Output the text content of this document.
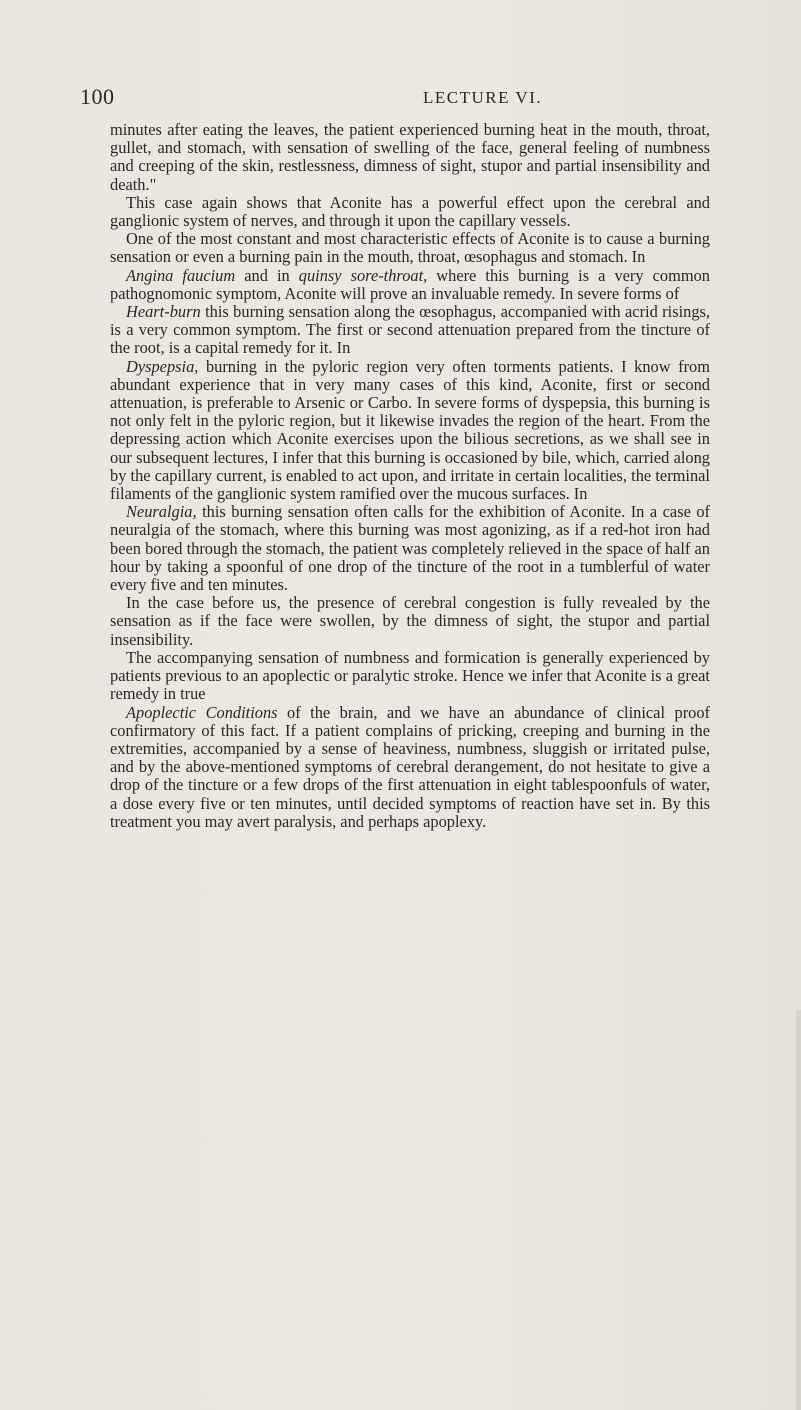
100	LECTURE VI.

minutes after eating the leaves, the patient experienced burning heat in the mouth, throat, gullet, and stomach, with sensation of swelling of the face, general feeling of numbness and creeping of the skin, restlessness, dimness of sight, stupor and partial insensibility and death."

This case again shows that Aconite has a powerful effect upon the cerebral and ganglionic system of nerves, and through it upon the capillary vessels.

One of the most constant and most characteristic effects of Aconite is to cause a burning sensation or even a burning pain in the mouth, throat, œsophagus and stomach. In

Angina faucium and in quinsy sore-throat, where this burning is a very common pathognomonic symptom, Aconite will prove an invaluable remedy. In severe forms of

Heart-burn this burning sensation along the œsophagus, accompanied with acrid risings, is a very common symptom. The first or second attenuation prepared from the tincture of the root, is a capital remedy for it. In

Dyspepsia, burning in the pyloric region very often torments patients. I know from abundant experience that in very many cases of this kind, Aconite, first or second attenuation, is preferable to Arsenic or Carbo. In severe forms of dyspepsia, this burning is not only felt in the pyloric region, but it likewise invades the region of the heart. From the depressing action which Aconite exercises upon the bilious secretions, as we shall see in our subsequent lectures, I infer that this burning is occasioned by bile, which, carried along by the capillary current, is enabled to act upon, and irritate in certain localities, the terminal filaments of the ganglionic system ramified over the mucous surfaces. In

Neuralgia, this burning sensation often calls for the exhibition of Aconite. In a case of neuralgia of the stomach, where this burning was most agonizing, as if a red-hot iron had been bored through the stomach, the patient was completely relieved in the space of half an hour by taking a spoonful of one drop of the tincture of the root in a tumblerful of water every five and ten minutes.

In the case before us, the presence of cerebral congestion is fully revealed by the sensation as if the face were swollen, by the dimness of sight, the stupor and partial insensibility.

The accompanying sensation of numbness and formication is generally experienced by patients previous to an apoplectic or paralytic stroke. Hence we infer that Aconite is a great remedy in true

Apoplectic Conditions of the brain, and we have an abundance of clinical proof confirmatory of this fact. If a patient complains of pricking, creeping and burning in the extremities, accompanied by a sense of heaviness, numbness, sluggish or irritated pulse, and by the above-mentioned symptoms of cerebral derangement, do not hesitate to give a drop of the tincture or a few drops of the first attenuation in eight tablespoonfuls of water, a dose every five or ten minutes, until decided symptoms of reaction have set in. By this treatment you may avert paralysis, and perhaps apoplexy.
